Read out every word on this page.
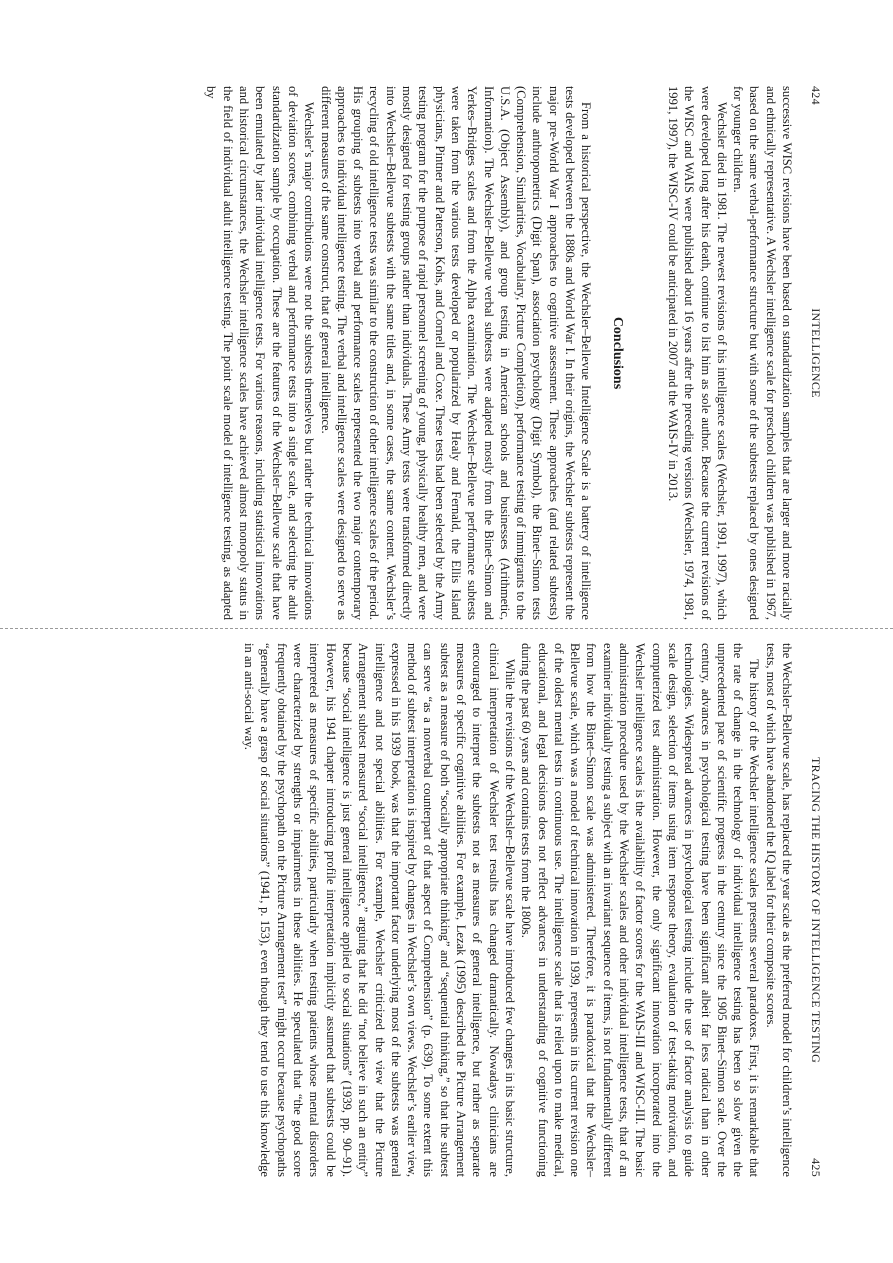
424
INTELLIGENCE

successive WISC revisions have been based on standardization samples that are larger and more racially and ethnically representative. A Wechsler intelligence scale for preschool children was published in 1967, based on the same verbal-performance structure but with some of the subtests replaced by ones designed for younger children.

Wechsler died in 1981. The newest revisions of his intelligence scales (Wechsler, 1991, 1997), which were developed long after his death, continue to list him as sole author. Because the current revisions of the WISC and WAIS were published about 16 years after the preceding versions (Wechsler, 1974, 1981, 1991, 1997), the WISC-IV could be anticipated in 2007 and the WAIS-IV in 2013.

Conclusions

From a historical perspective, the Wechsler–Bellevue Intelligence Scale is a battery of intelligence tests developed between the 1880s and World War I. In their origins, the Wechsler subtests represent the major pre-World War I approaches to cognitive assessment. These approaches (and related subtests) include anthropometrics (Digit Span), association psychology (Digit Symbol), the Binet–Simon tests (Comprehension, Similarities, Vocabulary, Picture Completion), performance testing of immigrants to the U.S.A. (Object Assembly), and group testing in American schools and businesses (Arithmetic, Information). The Wechsler–Bellevue verbal subtests were adapted mostly from the Binet–Simon and Yerkes–Bridges scales and from the Alpha examination. The Wechsler–Bellevue performance subtests were taken from the various tests developed or popularized by Healy and Fernald, the Ellis Island physicians, Pintner and Paterson, Kohs, and Cornell and Coxe. These tests had been selected by the Army testing program for the purpose of rapid personnel screening of young, physically healthy men, and were mostly designed for testing groups rather than individuals. These Army tests were transformed directly into Wechsler–Bellevue subtests with the same titles and, in some cases, the same content. Wechsler’s recycling of old intelligence tests was similar to the construction of other intelligence scales of the period. His grouping of subtests into verbal and performance scales represented the two major contemporary approaches to individual intelligence testing. The verbal and intelligence scales were designed to serve as different measures of the same construct, that of general intelligence.

Wechsler’s major contributions were not the subtests themselves but rather the technical innovations of deviation scores, combining verbal and performance tests into a single scale, and selecting the adult standardization sample by occupation. These are the features of the Wechsler–Bellevue scale that have been emulated by later individual intelligence tests. For various reasons, including statistical innovations and historical circumstances, the Wechsler intelligence scales have achieved almost monopoly status in the field of individual adult intelligence testing. The point scale model of intelligence testing, as adapted by

TRACING THE HISTORY OF INTELLIGENCE TESTING
425

the Wechsler–Bellevue scale, has replaced the year scale as the preferred model for children’s intelligence tests, most of which have abandoned the IQ label for their composite scores.

The history of the Wechsler intelligence scales presents several paradoxes. First, it is remarkable that the rate of change in the technology of individual intelligence testing has been so slow given the unprecedented pace of scientific progress in the century since the 1905 Binet–Simon scale. Over the century, advances in psychological testing have been significant albeit far less radical than in other technologies. Widespread advances in psychological testing include the use of factor analysis to guide scale design, selection of items using item response theory, evaluation of test-taking motivation, and computerized test administration. However, the only significant innovation incorporated into the Wechsler intelligence scales is the availability of factor scores for the WAIS-III and WISC-III. The basic administration procedure used by the Wechsler scales and other individual intelligence tests, that of an examiner individually testing a subject with an invariant sequence of items, is not fundamentally different from how the Binet–Simon scale was administered. Therefore, it is paradoxical that the Wechsler–Bellevue scale, which was a model of technical innovation in 1939, represents in its current revision one of the oldest mental tests in continuous use. The intelligence scale that is relied upon to make medical, educational, and legal decisions does not reflect advances in understanding of cognitive functioning during the past 60 years and contains tests from the 1800s.

While the revisions of the Wechsler–Bellevue scale have introduced few changes in its basic structure, clinical interpretation of Wechsler test results has changed dramatically. Nowadays clinicians are encouraged to interpret the subtests not as measures of general intelligence, but rather as separate measures of specific cognitive abilities. For example, Lezak (1995) described the Picture Arrangement subtest as a measure of both “socially appropriate thinking” and “sequential thinking,” so that the subtest can serve “as a nonverbal counterpart of that aspect of Comprehension” (p. 639). To some extent this method of subtest interpretation is inspired by changes in Wechsler’s own views. Wechsler’s earlier view, expressed in his 1939 book, was that the important factor underlying most of the subtests was general intelligence and not special abilities. For example, Wechsler criticized the view that the Picture Arrangement subtest measured “social intelligence,” arguing that he did “not believe in such an entity” because “social intelligence is just general intelligence applied to social situations” (1939, pp. 90–91). However, his 1941 chapter introducing profile interpretation implicitly assumed that subtests could be interpreted as measures of specific abilities, particularly when testing patients whose mental disorders were characterized by strengths or impairments in these abilities. He speculated that “the good score frequently obtained by the psychopath on the Picture Arrangement test” might occur because psychopaths “generally have a grasp of social situations” (1941, p. 153), even though they tend to use this knowledge in an anti-social way.
